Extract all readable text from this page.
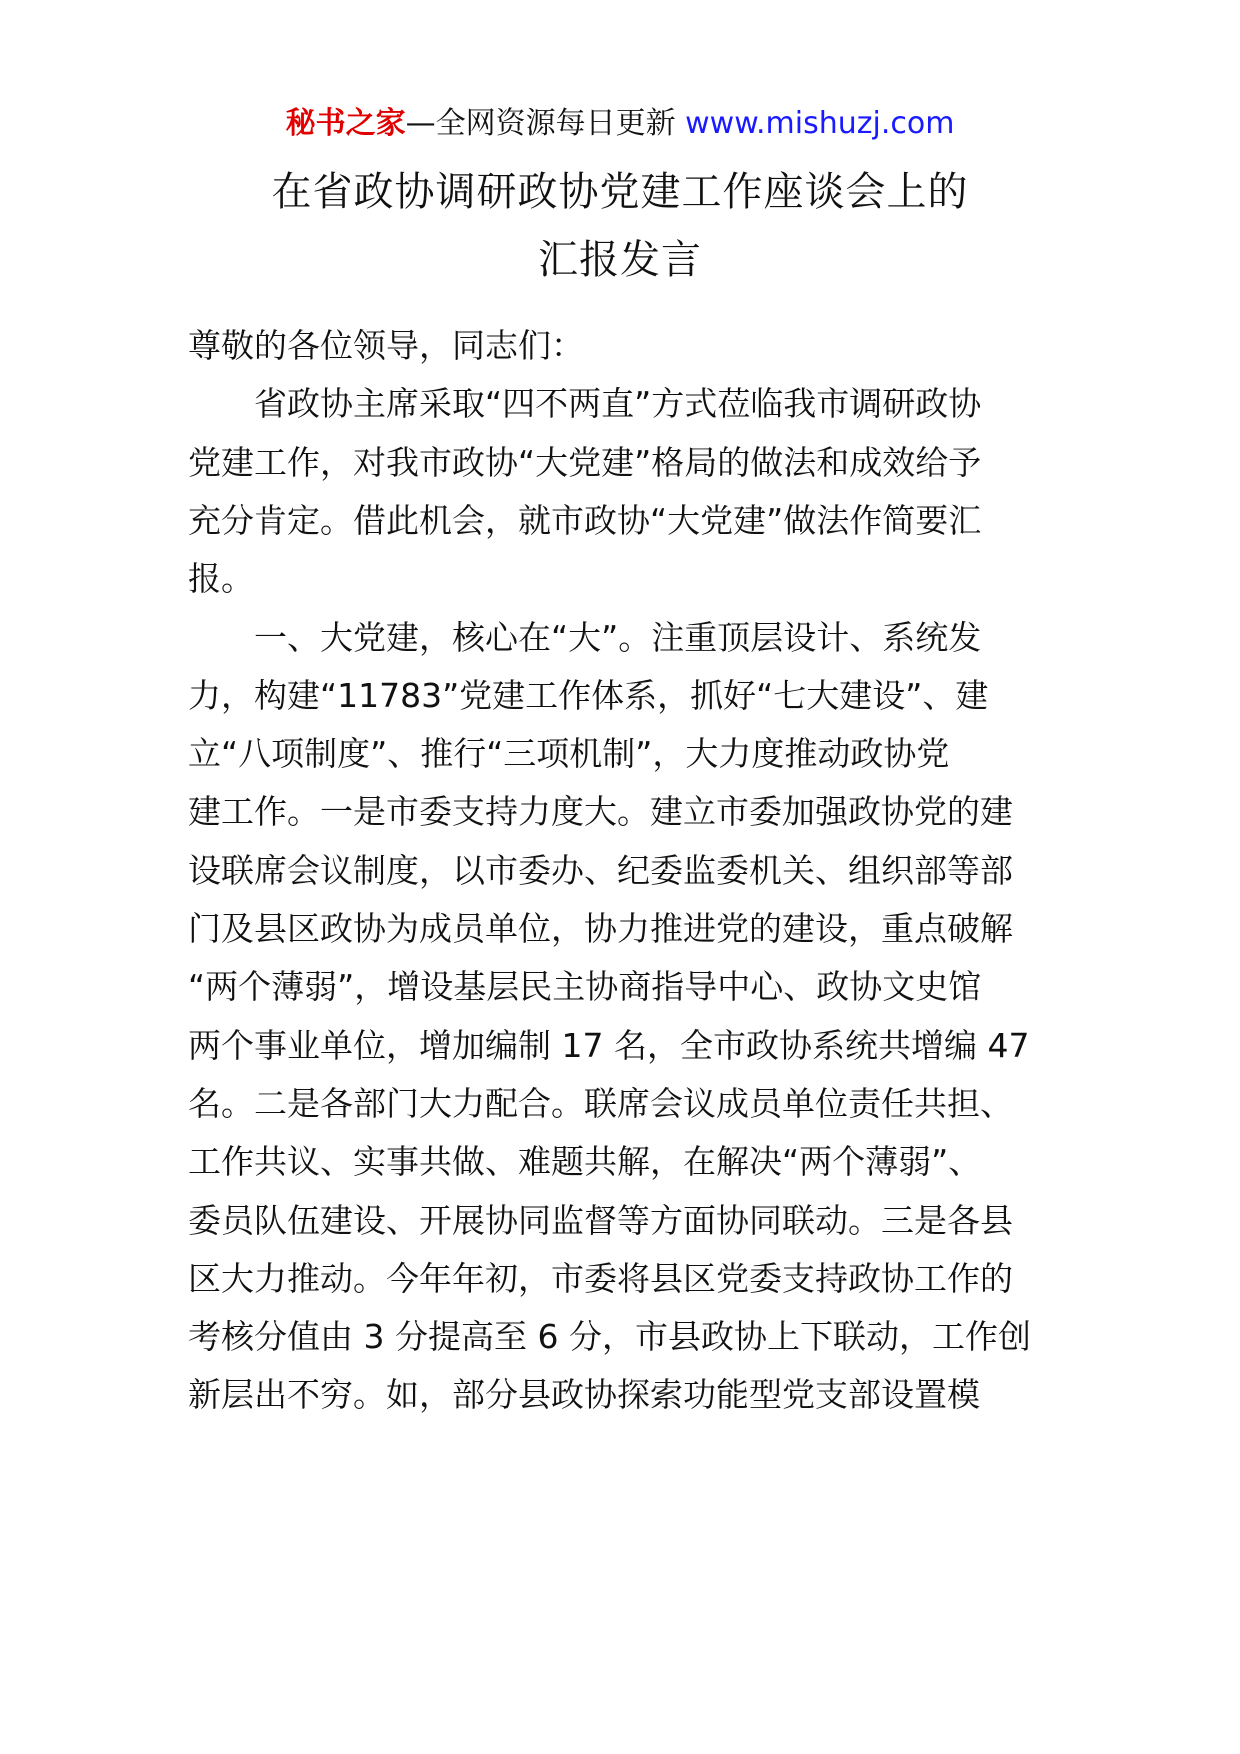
秘书之家—全网资源每日更新 www.mishuzj.com
在省政协调研政协党建工作座谈会上的
汇报发言
尊敬的各位领导，同志们：
　　省政协主席采取“四不两直”方式莅临我市调研政协
党建工作，对我市政协“大党建”格局的做法和成效给予
充分肯定。借此机会，就市政协“大党建”做法作简要汇
报。
　　一、大党建，核心在“大”。注重顶层设计、系统发
力，构建“11783”党建工作体系，抓好“七大建设”、建
立“八项制度”、推行“三项机制”，大力度推动政协党
建工作。一是市委支持力度大。建立市委加强政协党的建
设联席会议制度，以市委办、纪委监委机关、组织部等部
门及县区政协为成员单位，协力推进党的建设，重点破解
“两个薄弱”，增设基层民主协商指导中心、政协文史馆
两个事业单位，增加编制 17 名，全市政协系统共增编 47
名。二是各部门大力配合。联席会议成员单位责任共担、
工作共议、实事共做、难题共解，在解决“两个薄弱”、
委员队伍建设、开展协同监督等方面协同联动。三是各县
区大力推动。今年年初，市委将县区党委支持政协工作的
考核分值由 3 分提高至 6 分，市县政协上下联动，工作创
新层出不穷。如，部分县政协探索功能型党支部设置模
